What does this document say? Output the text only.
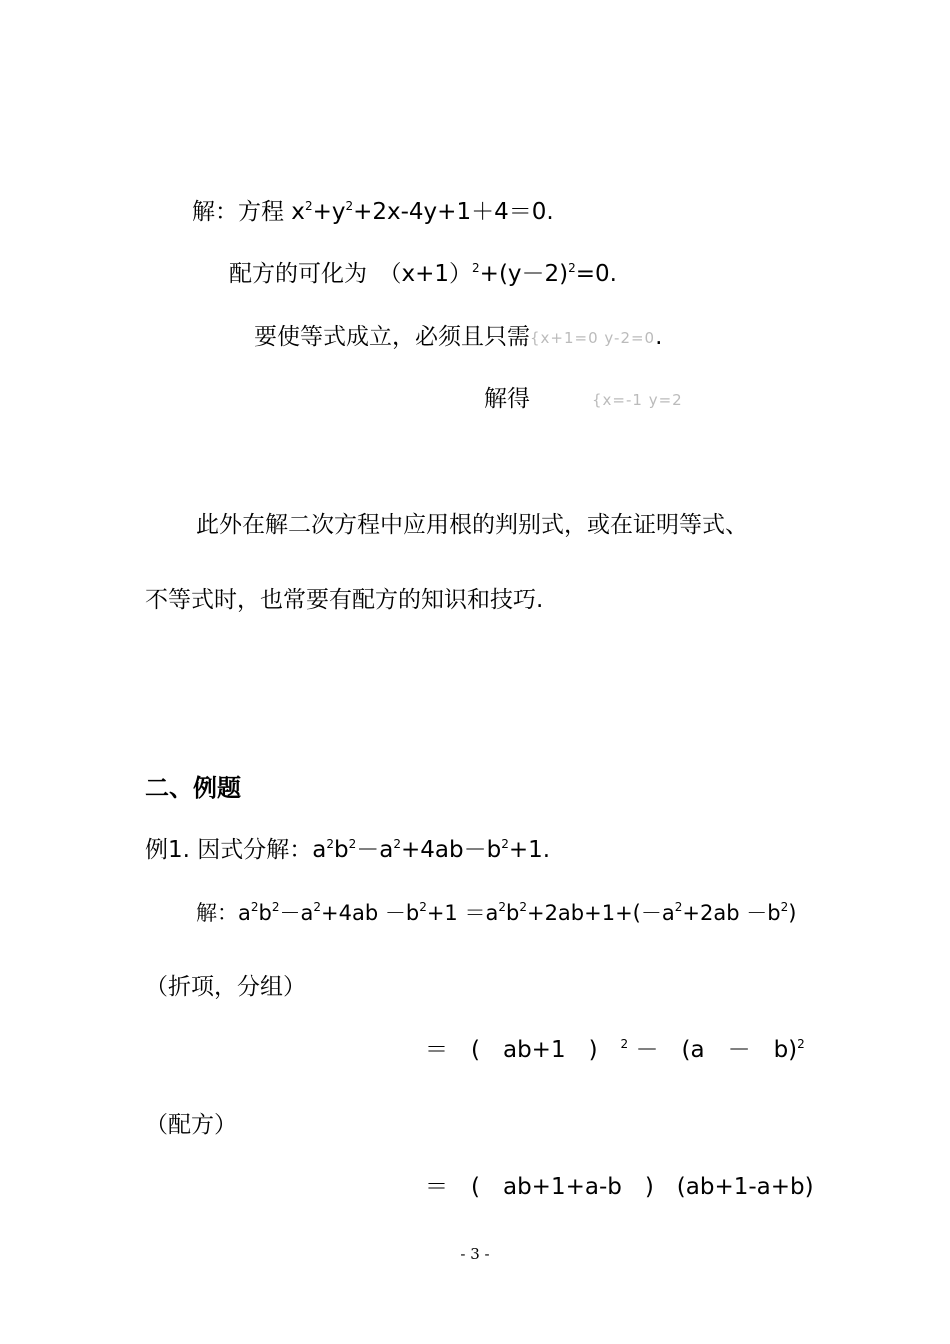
解：方程 $x^2+y^2+2x-4y+1+4=0$.
配方的可化为　$(x+1)^2+(y-2)^2=0$.
要使等式成立，必须且只需{x+1=0 y-2=0.
解得	{x=-1 y=2
此外在解二次方程中应用根的判别式，或在证明等式、
不等式时，也常要有配方的知识和技巧.
二、例题
例1. 因式分解：$a^2b^2-a^2+4ab-b^2+1$.
解：$a^2b^2-a^2+4ab -b^2+1 =a^2b^2+2ab+1+(-a^2+2ab -b^2)$
（折项，分组）
＝　(　ab+1　)　$^2$ －　(a　－　b)$^2$
（配方）
＝　(　ab+1+a-b　)　(ab+1-a+b)
- 3 -
